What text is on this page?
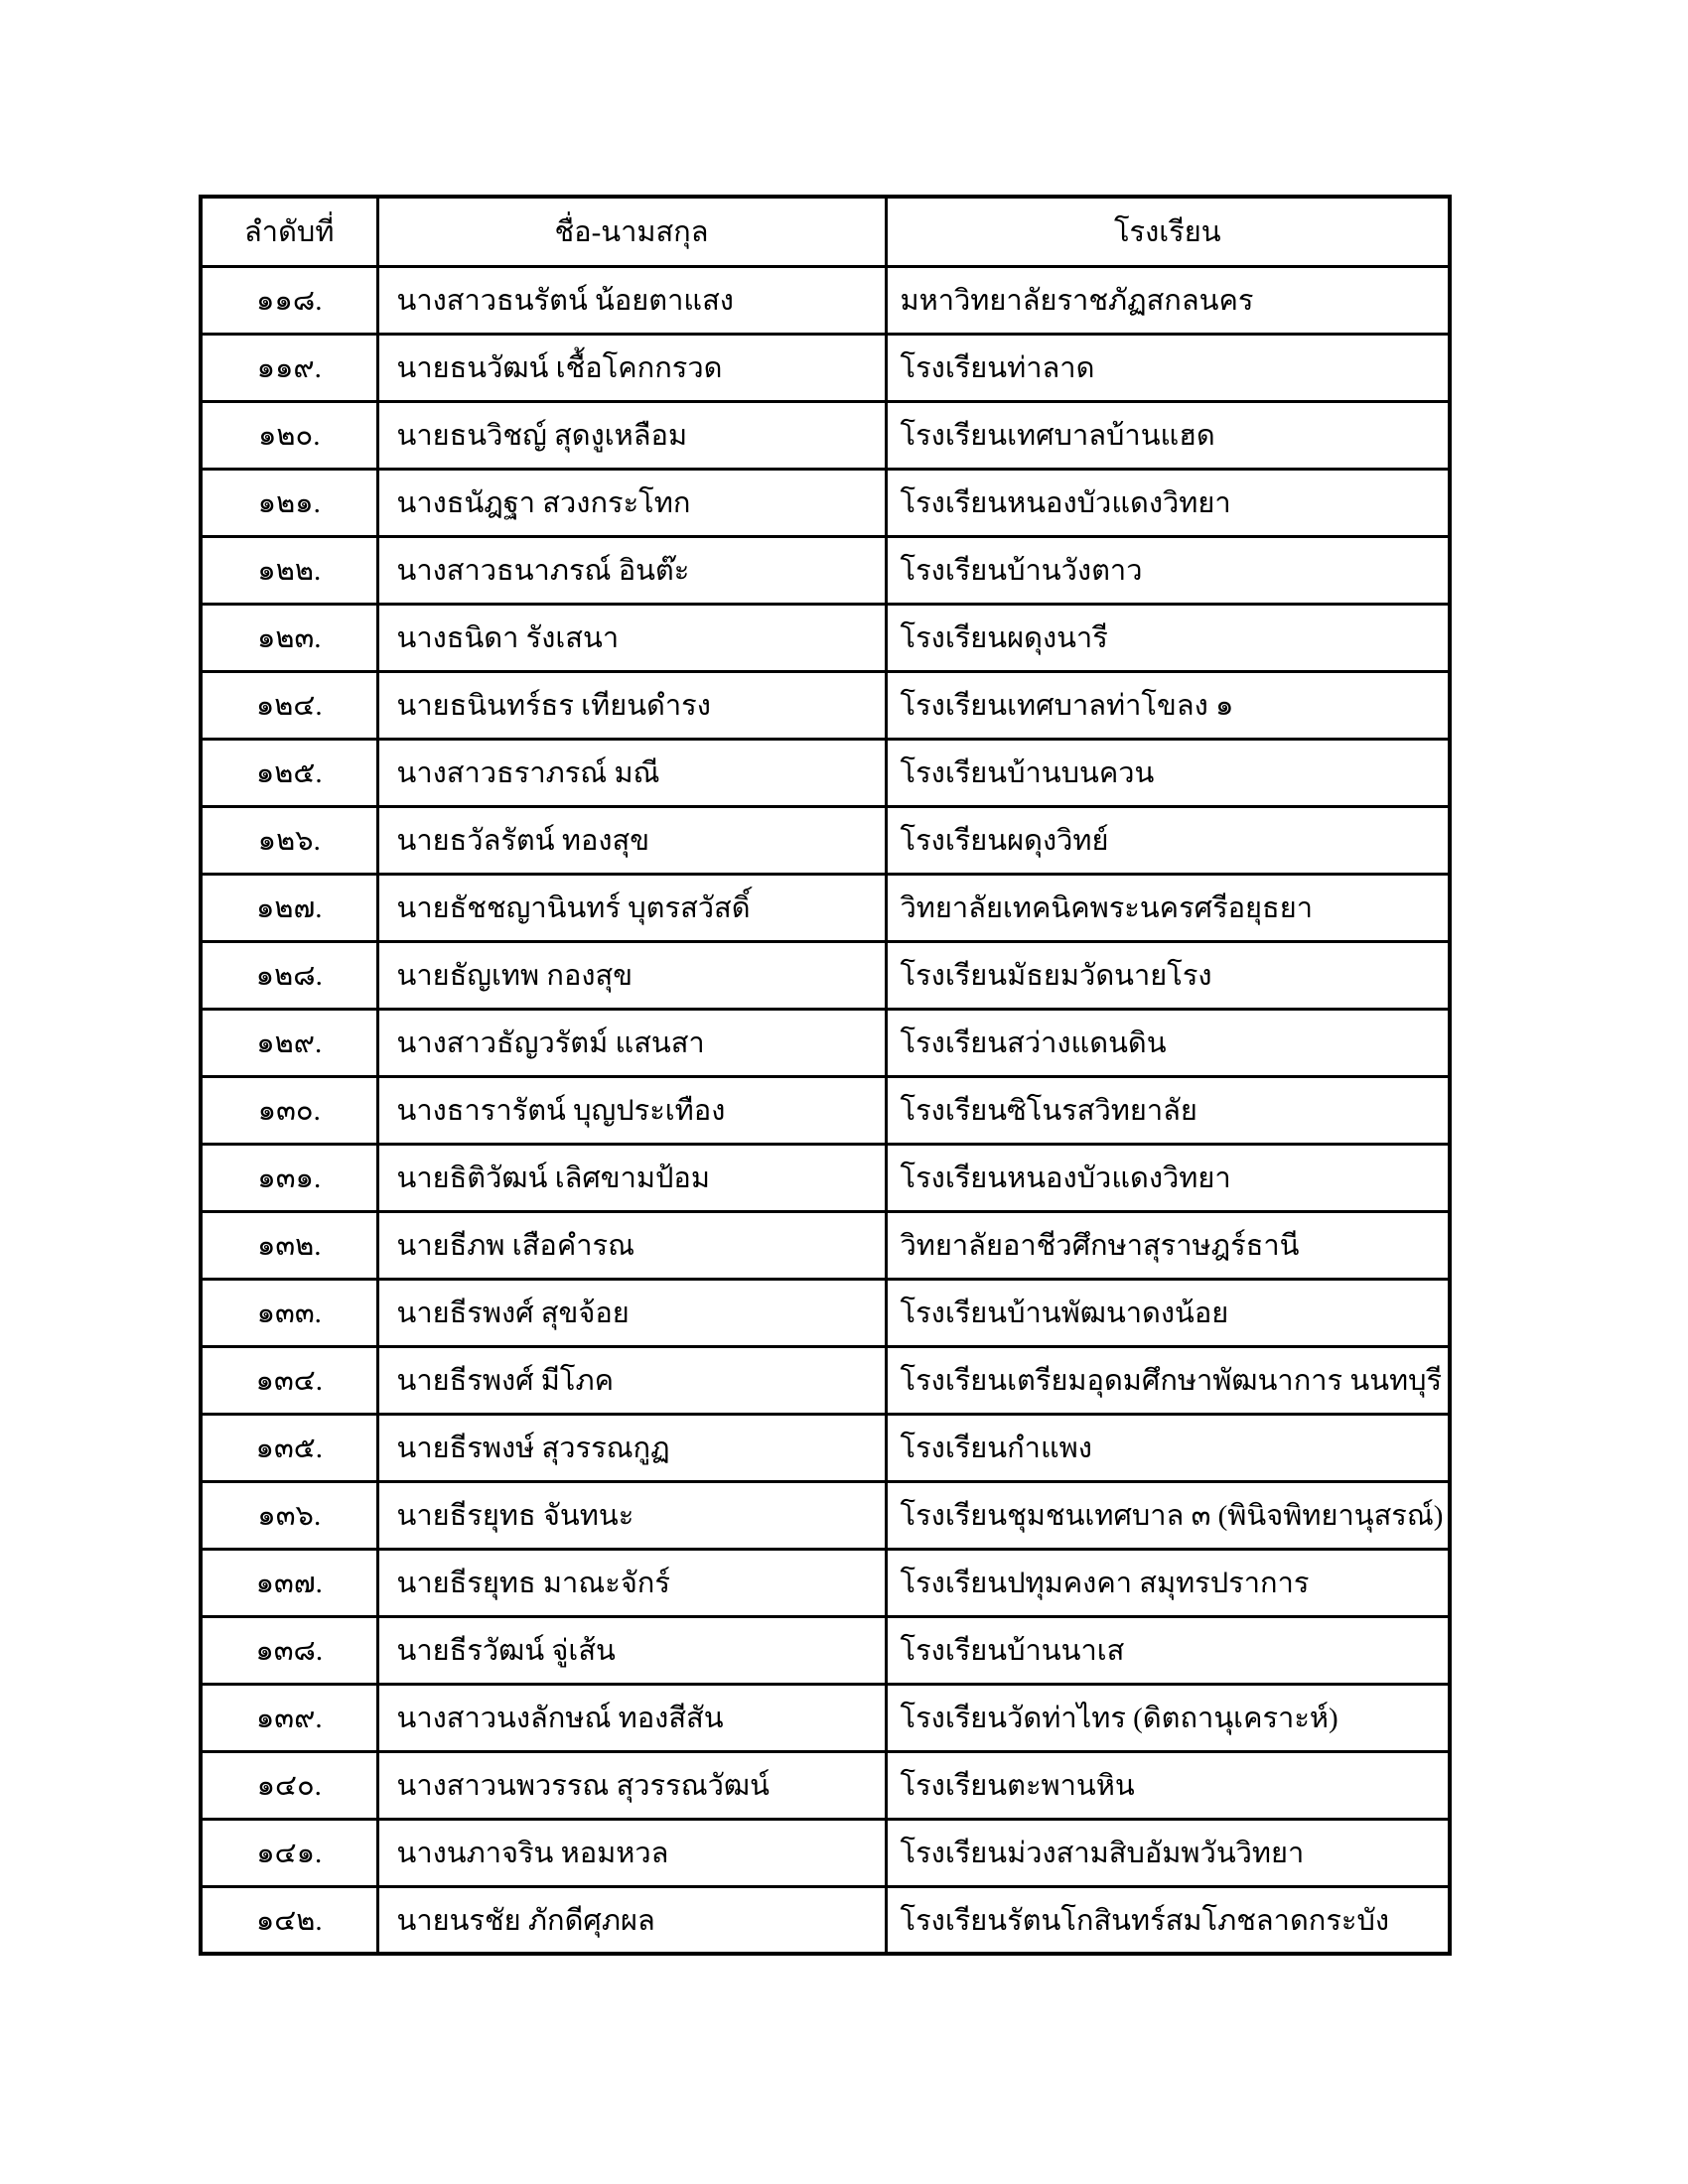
ลำดับที่	ชื่อ-นามสกุล	โรงเรียน
๑๑๘.	นางสาวธนรัตน์ น้อยตาแสง	มหาวิทยาลัยราชภัฏสกลนคร
๑๑๙.	นายธนวัฒน์ เชื้อโคกกรวด	โรงเรียนท่าลาด
๑๒๐.	นายธนวิชญ์ สุดงูเหลือม	โรงเรียนเทศบาลบ้านแฮด
๑๒๑.	นางธนัฎฐา สวงกระโทก	โรงเรียนหนองบัวแดงวิทยา
๑๒๒.	นางสาวธนาภรณ์ อินต๊ะ	โรงเรียนบ้านวังตาว
๑๒๓.	นางธนิดา รังเสนา	โรงเรียนผดุงนารี
๑๒๔.	นายธนินทร์ธร เทียนดำรง	โรงเรียนเทศบาลท่าโขลง ๑
๑๒๕.	นางสาวธราภรณ์ มณี	โรงเรียนบ้านบนควน
๑๒๖.	นายธวัลรัตน์ ทองสุข	โรงเรียนผดุงวิทย์
๑๒๗.	นายธัชชญานินทร์ บุตรสวัสดิ์	วิทยาลัยเทคนิคพระนครศรีอยุธยา
๑๒๘.	นายธัญเทพ กองสุข	โรงเรียนมัธยมวัดนายโรง
๑๒๙.	นางสาวธัญวรัตม์ แสนสา	โรงเรียนสว่างแดนดิน
๑๓๐.	นางธารารัตน์ บุญประเทือง	โรงเรียนซิโนรสวิทยาลัย
๑๓๑.	นายธิติวัฒน์ เลิศขามป้อม	โรงเรียนหนองบัวแดงวิทยา
๑๓๒.	นายธีภพ เสือคำรณ	วิทยาลัยอาชีวศึกษาสุราษฎร์ธานี
๑๓๓.	นายธีรพงศ์ สุขจ้อย	โรงเรียนบ้านพัฒนาดงน้อย
๑๓๔.	นายธีรพงศ์ มีโภค	โรงเรียนเตรียมอุดมศึกษาพัฒนาการ นนทบุรี
๑๓๕.	นายธีรพงษ์ สุวรรณกูฏ	โรงเรียนกำแพง
๑๓๖.	นายธีรยุทธ จันทนะ	โรงเรียนชุมชนเทศบาล ๓ (พินิจพิทยานุสรณ์)
๑๓๗.	นายธีรยุทธ มาณะจักร์	โรงเรียนปทุมคงคา สมุทรปราการ
๑๓๘.	นายธีรวัฒน์ จู่เส้น	โรงเรียนบ้านนาเส
๑๓๙.	นางสาวนงลักษณ์ ทองสีสัน	โรงเรียนวัดท่าไทร (ดิตถานุเคราะห์)
๑๔๐.	นางสาวนพวรรณ สุวรรณวัฒน์	โรงเรียนตะพานหิน
๑๔๑.	นางนภาจริน หอมหวล	โรงเรียนม่วงสามสิบอัมพวันวิทยา
๑๔๒.	นายนรชัย ภักดีศุภผล	โรงเรียนรัตนโกสินทร์สมโภชลาดกระบัง
